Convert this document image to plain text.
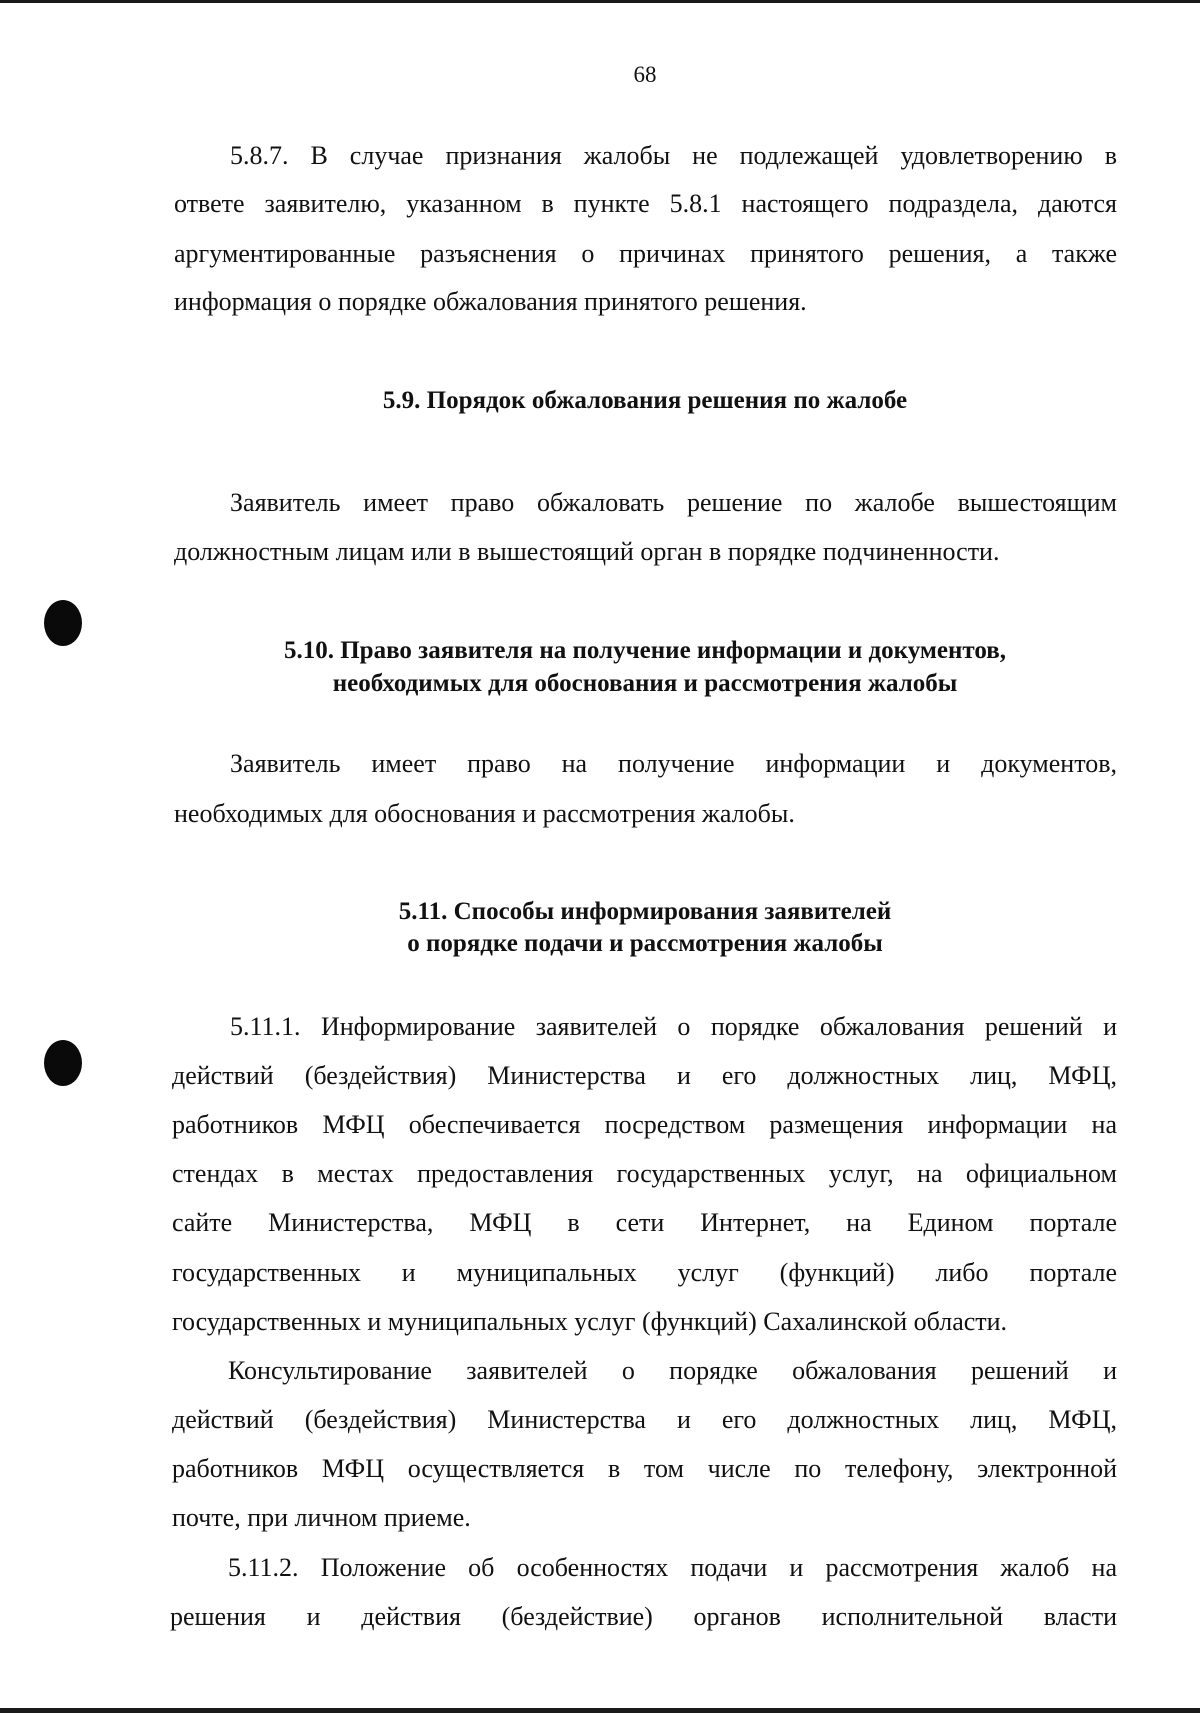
68
5.8.7. В случае признания жалобы не подлежащей удовлетворению в
ответе заявителю, указанном в пункте 5.8.1 настоящего подраздела, даются
аргументированные разъяснения о причинах принятого решения, а также
информация о порядке обжалования принятого решения.
5.9. Порядок обжалования решения по жалобе
Заявитель имеет право обжаловать решение по жалобе вышестоящим
должностным лицам или в вышестоящий орган в порядке подчиненности.
5.10. Право заявителя на получение информации и документов,
необходимых для обоснования и рассмотрения жалобы
Заявитель имеет право на получение информации и документов,
необходимых для обоснования и рассмотрения жалобы.
5.11. Способы информирования заявителей
о порядке подачи и рассмотрения жалобы
5.11.1. Информирование заявителей о порядке обжалования решений и
действий (бездействия) Министерства и его должностных лиц, МФЦ,
работников МФЦ обеспечивается посредством размещения информации на
стендах в местах предоставления государственных услуг, на официальном
сайте Министерства, МФЦ в сети Интернет, на Едином портале
государственных и муниципальных услуг (функций) либо портале
государственных и муниципальных услуг (функций) Сахалинской области.
Консультирование заявителей о порядке обжалования решений и
действий (бездействия) Министерства и его должностных лиц, МФЦ,
работников МФЦ осуществляется в том числе по телефону, электронной
почте, при личном приеме.
5.11.2. Положение об особенностях подачи и рассмотрения жалоб на
решения и действия (бездействие) органов исполнительной власти
